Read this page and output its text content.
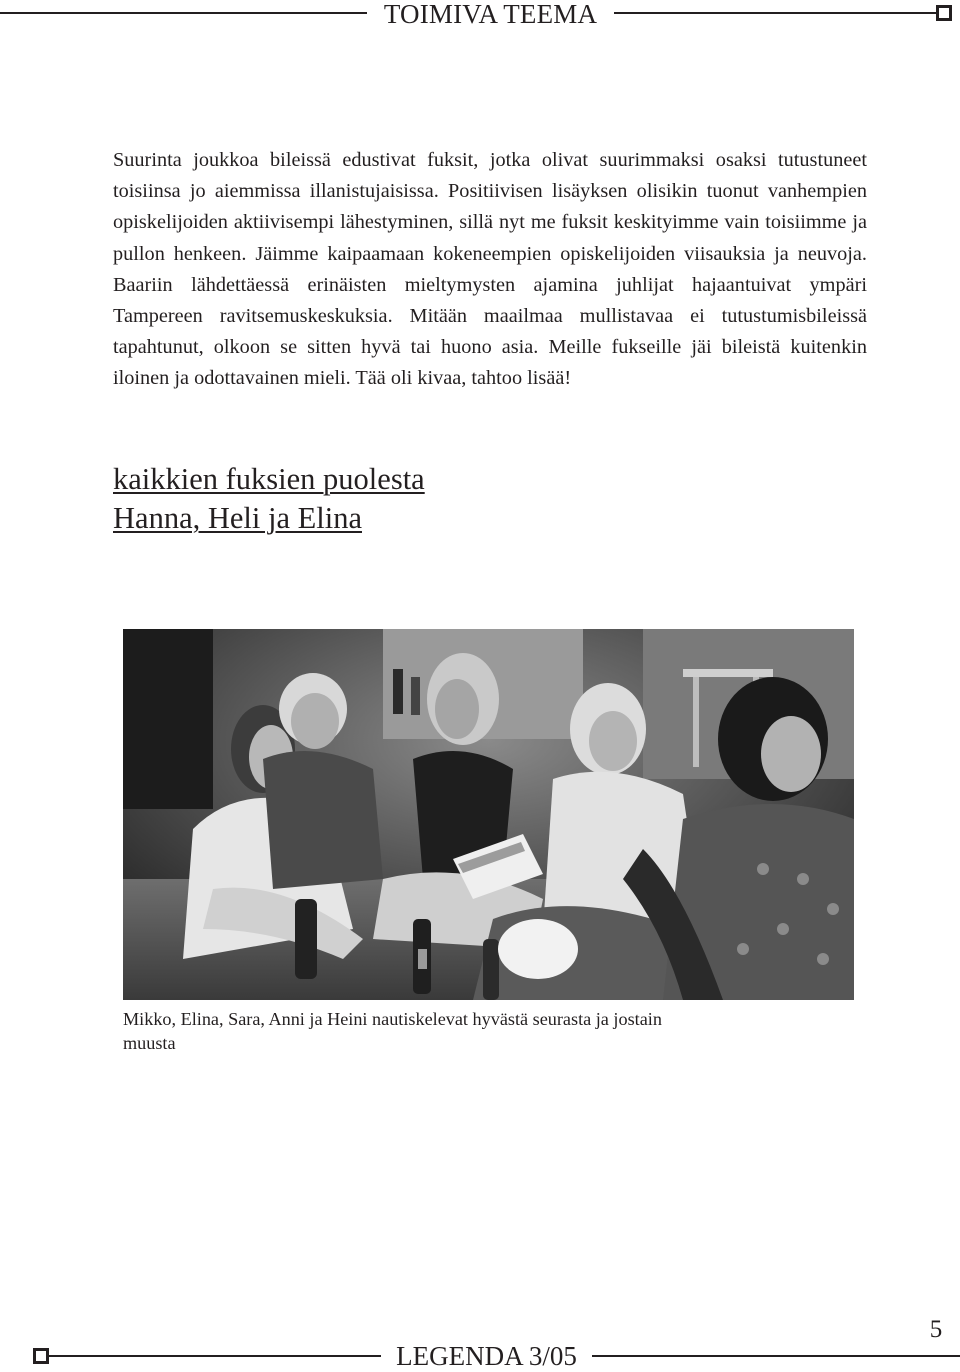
TOIMIVA TEEMA

Suurinta joukkoa bileissä edustivat fuksit, jotka olivat suurimmaksi osaksi tutustuneet toisiinsa jo aiemmissa illanistujaisissa. Positiivisen lisäyksen olisikin tuonut vanhempien opiskelijoiden aktiivisempi lähestyminen, sillä nyt me fuksit keskityimme vain toisiimme ja pullon henkeen. Jäimme kaipaamaan kokeneempien opiskelijoiden viisauksia ja neuvoja. Baariin lähdettäessä erinäisten mieltymysten ajamina juhlijat hajaantuivat ympäri Tampereen ravitsemuskeskuksia. Mitään maailmaa mullistavaa ei tutustumisbileissä tapahtunut, olkoon se sitten hyvä tai huono asia. Meille fukseille jäi bileistä kuitenkin iloinen ja odottavainen mieli. Tää oli kivaa, tahtoo lisää!

kaikkien fuksien puolesta
Hanna, Heli ja Elina

Mikko, Elina, Sara, Anni ja Heini nautiskelevat hyvästä seurasta ja jostain muusta

LEGENDA 3/05
5
